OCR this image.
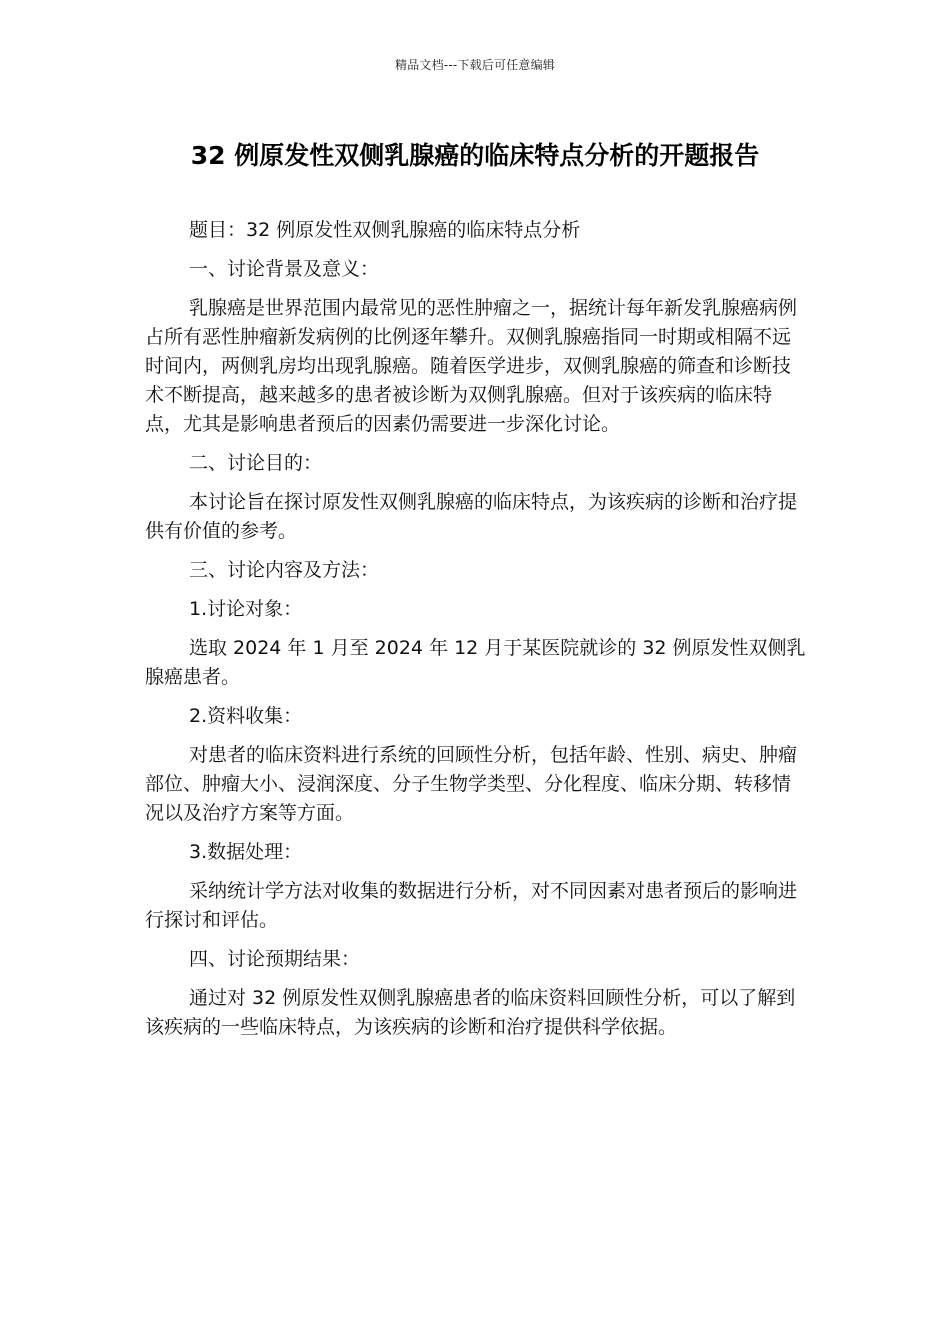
精品文档---下载后可任意编辑
32 例原发性双侧乳腺癌的临床特点分析的开题报告

题目：32 例原发性双侧乳腺癌的临床特点分析

一、讨论背景及意义：

乳腺癌是世界范围内最常见的恶性肿瘤之一，据统计每年新发乳腺癌病例占所有恶性肿瘤新发病例的比例逐年攀升。双侧乳腺癌指同一时期或相隔不远时间内，两侧乳房均出现乳腺癌。随着医学进步，双侧乳腺癌的筛查和诊断技术不断提高，越来越多的患者被诊断为双侧乳腺癌。但对于该疾病的临床特点，尤其是影响患者预后的因素仍需要进一步深化讨论。

二、讨论目的：

本讨论旨在探讨原发性双侧乳腺癌的临床特点，为该疾病的诊断和治疗提供有价值的参考。

三、讨论内容及方法：

1.讨论对象：

选取 2024 年 1 月至 2024 年 12 月于某医院就诊的 32 例原发性双侧乳腺癌患者。

2.资料收集：

对患者的临床资料进行系统的回顾性分析，包括年龄、性别、病史、肿瘤部位、肿瘤大小、浸润深度、分子生物学类型、分化程度、临床分期、转移情况以及治疗方案等方面。

3.数据处理：

采纳统计学方法对收集的数据进行分析，对不同因素对患者预后的影响进行探讨和评估。

四、讨论预期结果：

通过对 32 例原发性双侧乳腺癌患者的临床资料回顾性分析，可以了解到该疾病的一些临床特点，为该疾病的诊断和治疗提供科学依据。
